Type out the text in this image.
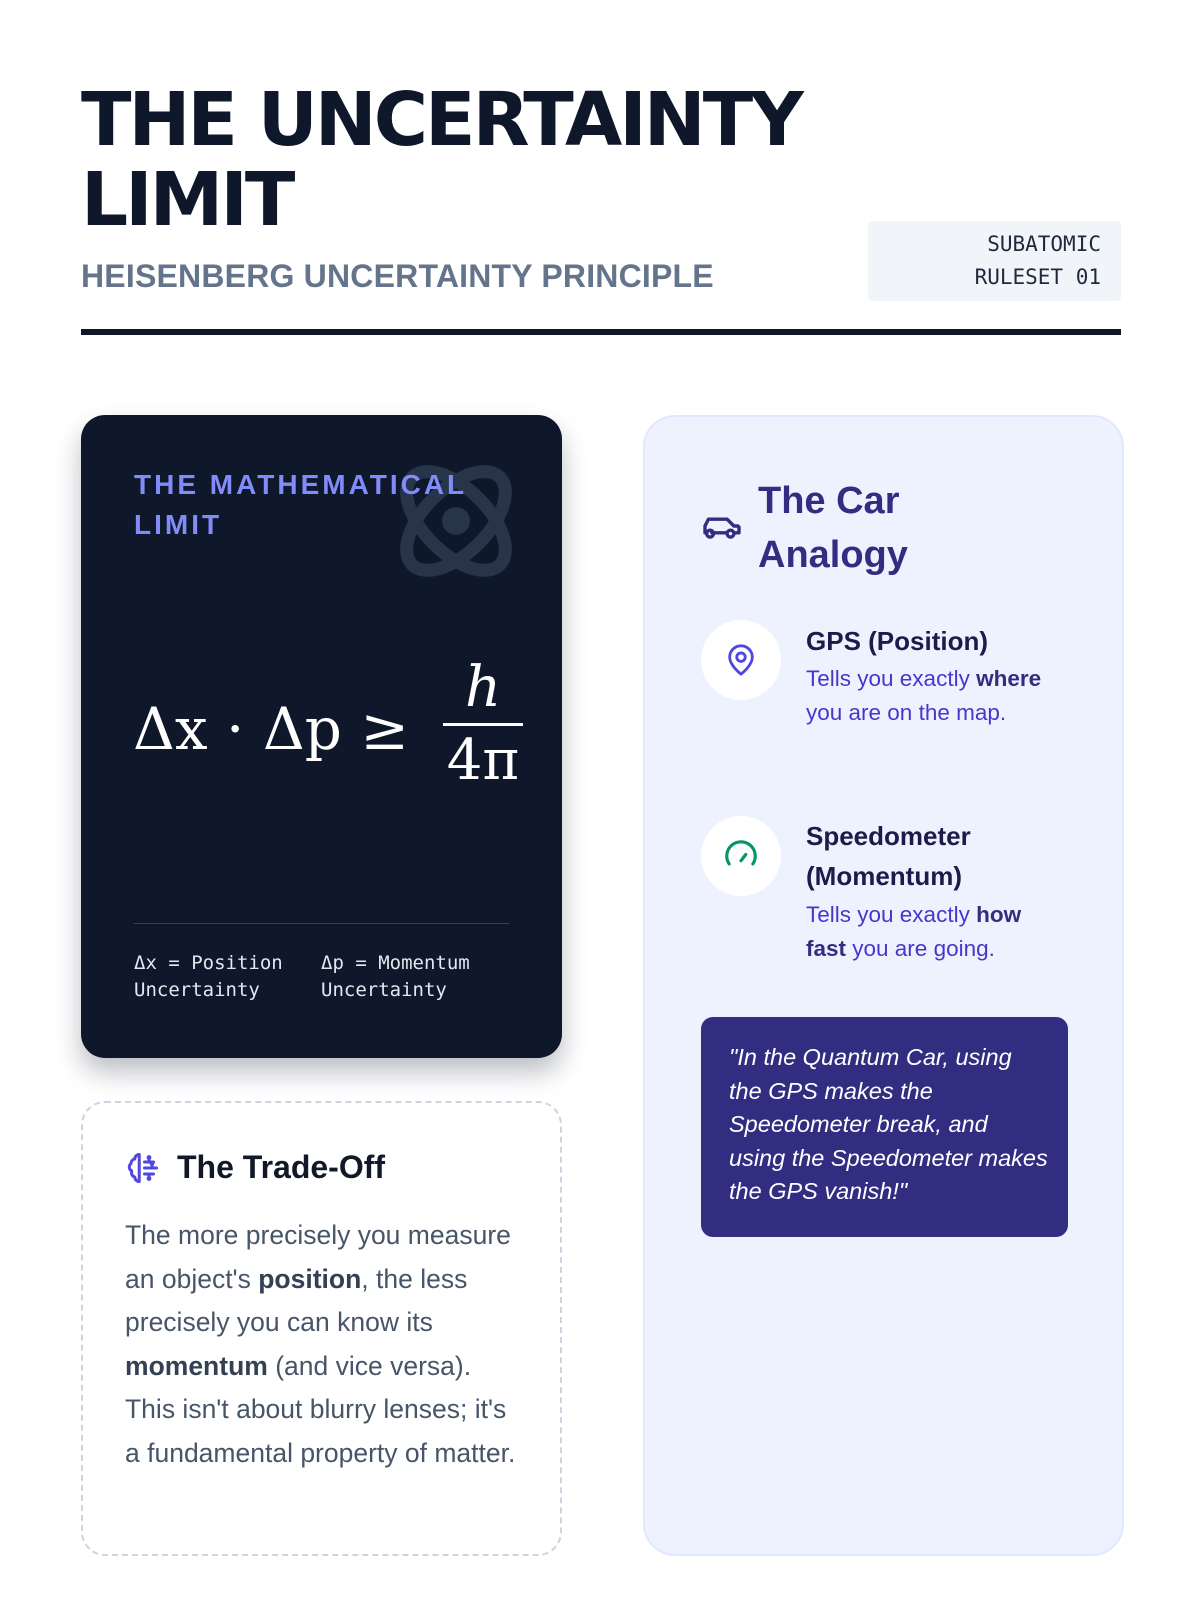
THE UNCERTAINTY LIMIT
HEISENBERG UNCERTAINTY PRINCIPLE
SUBATOMIC
RULESET 01
THE MATHEMATICAL LIMIT
Δx · Δp ≥
h
4π
Δx = Position Uncertainty
Δp = Momentum Uncertainty
The Trade-Off
The more precisely you measure an object's position, the less precisely you can know its momentum (and vice versa). This isn't about blurry lenses; it's a fundamental property of matter.
The Car Analogy
GPS (Position)
Tells you exactly where you are on the map.
Speedometer (Momentum)
Tells you exactly how fast you are going.
"In the Quantum Car, using the GPS makes the Speedometer break, and using the Speedometer makes the GPS vanish!"
